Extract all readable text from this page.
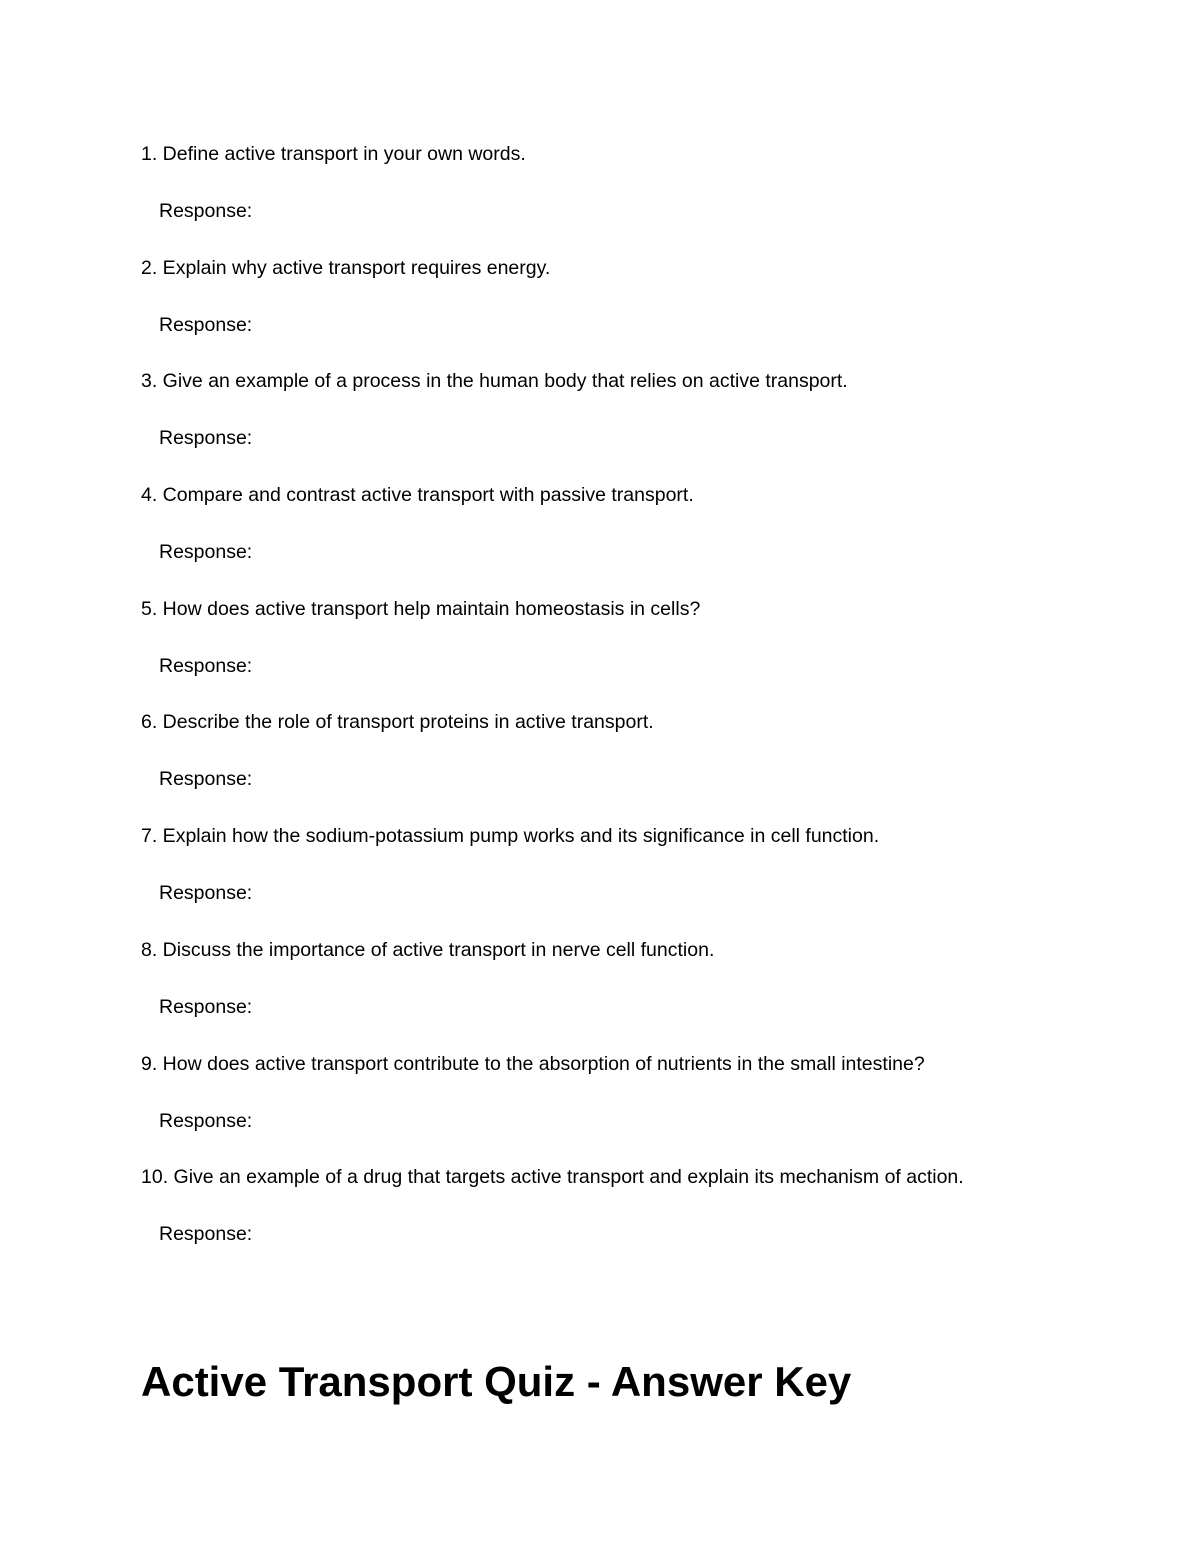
1. Define active transport in your own words.
Response:
2. Explain why active transport requires energy.
Response:
3. Give an example of a process in the human body that relies on active transport.
Response:
4. Compare and contrast active transport with passive transport.
Response:
5. How does active transport help maintain homeostasis in cells?
Response:
6. Describe the role of transport proteins in active transport.
Response:
7. Explain how the sodium-potassium pump works and its significance in cell function.
Response:
8. Discuss the importance of active transport in nerve cell function.
Response:
9. How does active transport contribute to the absorption of nutrients in the small intestine?
Response:
10. Give an example of a drug that targets active transport and explain its mechanism of action.
Response:
Active Transport Quiz - Answer Key
